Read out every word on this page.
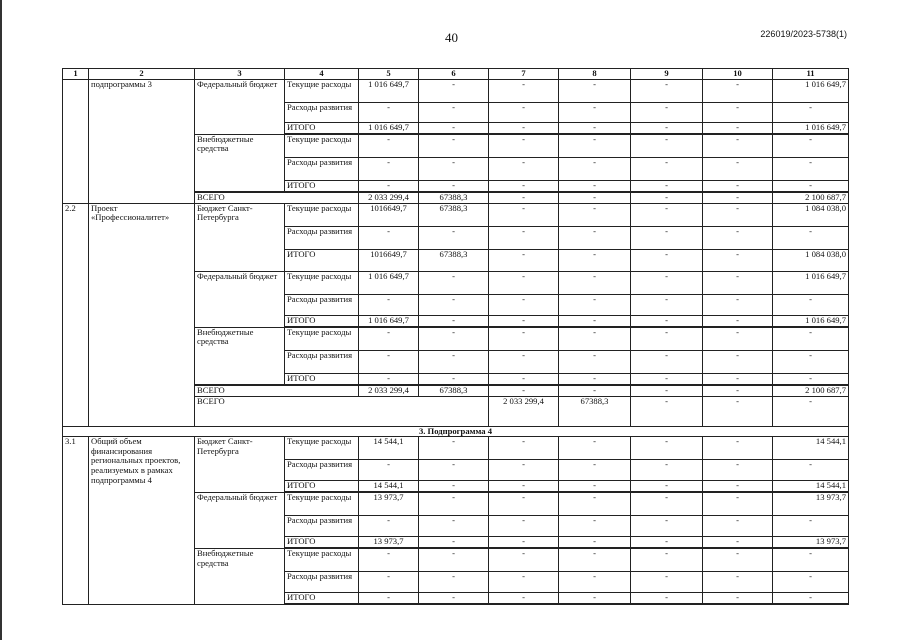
40	226019/2023-5738(1)
1	2	3	4	5	6	7	8	9	10	11	
	подпрограммы 3	Федеральный бюджет	Текущие расходы	1 016 649,7	-	-	-	-	-	1 016 649,7	
			Расходы развития	-	-	-	-	-	-	-	
			ИТОГО	1 016 649,7	-	-	-	-	-	1 016 649,7	

		Внебюджетные средства	Текущие расходы	-	-	-	-	-	-	-	
			Расходы развития	-	-	-	-	-	-	-	
			ИТОГО	-	-	-	-	-	-	-	

		ВСЕГО		2 033 299,4	67388,3	-	-	-	-	2 100 687,7	
2.2	Проект «Профессионалитет»	Бюджет Санкт-Петербурга	Текущие расходы	1016649,7	67388,3	-	-	-	-	1 084 038,0	
			Расходы развития	-	-	-	-	-	-	-	
			ИТОГО	1016649,7	67388,3	-	-	-	-	1 084 038,0	
		Федеральный бюджет	Текущие расходы	1 016 649,7	-	-	-	-	-	1 016 649,7	
			Расходы развития	-	-	-	-	-	-	-	
			ИТОГО	1 016 649,7	-	-	-	-	-	1 016 649,7	

		Внебюджетные средства	Текущие расходы	-	-	-	-	-	-	-	
			Расходы развития	-	-	-	-	-	-	-	
			ИТОГО	-	-	-	-	-	-	-	

		ВСЕГО		2 033 299,4	67388,3	-	-	-	-	2 100 687,7	
		ВСЕГО				2 033 299,4	67388,3	-	-	-		
3. Подпрограмма 4											
3.1	Общий объем финансирования региональных проектов, реализуемых в рамках подпрограммы 4	Бюджет Санкт-Петербурга	Текущие расходы	14 544,1	-	-	-	-	-	14 544,1	
			Расходы развития	-	-	-	-	-	-	-	
			ИТОГО	14 544,1	-	-	-	-	-	14 544,1	

		Федеральный бюджет	Текущие расходы	13 973,7	-	-	-	-	-	13 973,7	
			Расходы развития	-	-	-	-	-	-	-	
			ИТОГО	13 973,7	-	-	-	-	-	13 973,7	

		Внебюджетные средства	Текущие расходы	-	-	-	-	-	-	-	
			Расходы развития	-	-	-	-	-	-	-	
			ИТОГО	-	-	-	-	-	-	-	
